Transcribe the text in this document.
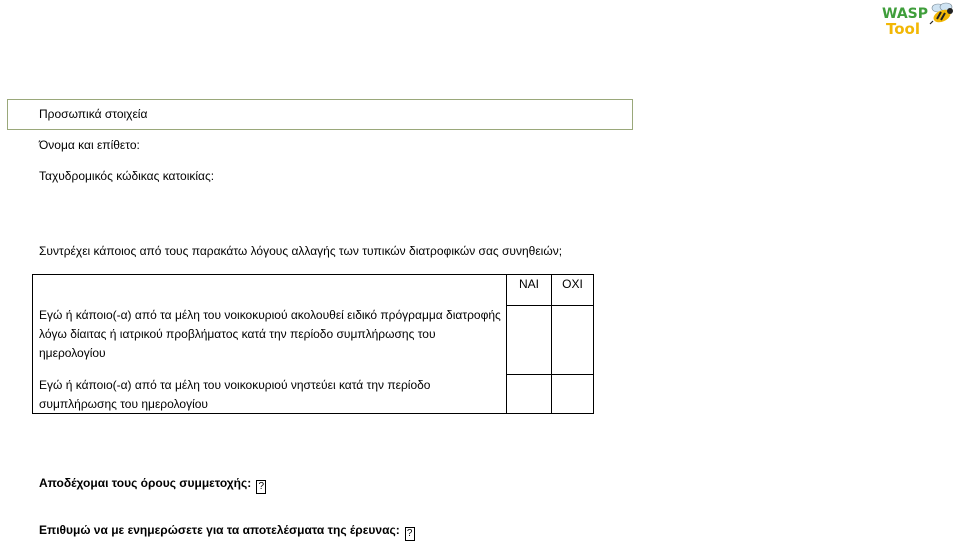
WASP
Tool
Προσωπικά στοιχεία
Όνομα και επίθετο:
Ταχυδρομικός κώδικας κατοικίας:
Συντρέχει κάποιος από τους παρακάτω λόγους αλλαγής των τυπικών διατροφικών σας συνηθειών;
ΝΑΙ	ΟΧΙ
Εγώ ή κάποιο(-α) από τα μέλη του νοικοκυριού ακολουθεί ειδικό πρόγραμμα διατροφής λόγω δίαιτας ή ιατρικού προβλήματος κατά την περίοδο συμπλήρωσης του ημερολογίου
Εγώ ή κάποιο(-α) από τα μέλη του νοικοκυριού νηστεύει κατά την περίοδο συμπλήρωσης του ημερολογίου
Αποδέχομαι τους όρους συμμετοχής: ?
Επιθυμώ να με ενημερώσετε για τα αποτελέσματα της έρευνας: ?
